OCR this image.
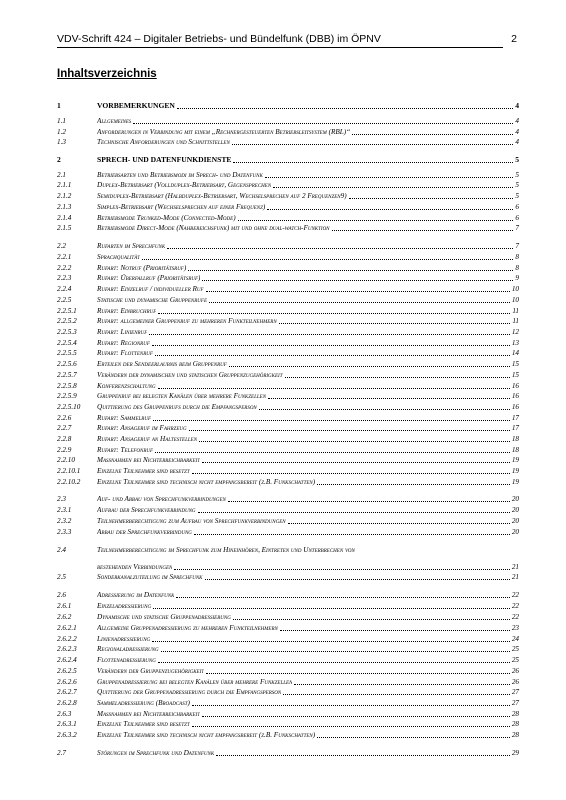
VDV-Schrift 424 – Digitaler Betriebs- und Bündelfunk (DBB) im ÖPNV	2
Inhaltsverzeichnis
1	VORBEMERKUNGEN	4
1.1	Allgemeines	4
1.2	Anforderungen in Verbindung mit einem „Rechnergesteuerten Betriebsleitsystem (RBL)“	4
1.3	Technische Anforderungen und Schnittstellen	4
2	SPRECH- UND DATENFUNKDIENSTE	5
2.1	Betriebsarten und Betriebsmodi im Sprech- und Datenfunk	5
2.1.1	Duplex-Betriebsart (Vollduplex-Betriebsart, Gegensprechen	5
2.1.2	Semiduplex-Betriebsart (Halbduplex-Betriebsart, Wechselsprechen auf 2 Frequenzen9)	5
2.1.3	Simplex-Betriebsart (Wechselsprechen auf einer Frequenz)	6
2.1.4	Betriebsmode Trunked-Mode (Connected-Mode)	6
2.1.5	Betriebsmode Direct-Mode (Nahbereichsfunk) mit und ohne dual-watch-Funktion	7
2.2	Rufarten im Sprechfunk	7
2.2.1	Sprachqualität	8
2.2.2	Rufart: Notruf (Prioritätsruf)	8
2.2.3	Rufart: Überfallruf (Prioritätsruf)	9
2.2.4	Rufart: Einzelruf / individueller Ruf	10
2.2.5	Statische und dynamische Gruppenrufe	10
2.2.5.1	Rufart: Einbruchruf	11
2.2.5.2	Rufart: allgemeiner Gruppenruf zu mehreren Funkteilnehmern	11
2.2.5.3	Rufart: Linienruf	12
2.2.5.4	Rufart: Regionruf	13
2.2.5.5	Rufart: Flottenruf	14
2.2.5.6	Erteilen der Sendeerlaubnis beim Gruppenruf	15
2.2.5.7	Verändern der dynamischen und statischen Gruppenzugehörigkeit	15
2.2.5.8	Konferenzschaltung	16
2.2.5.9	Gruppenruf bei belegten Kanälen über mehrere Funkzellen	16
2.2.5.10	Quittierung des Gruppenrufs durch die Empfangsperson	16
2.2.6	Rufart: Sammelruf	17
2.2.7	Rufart: Ansageruf im Fahrzeug	17
2.2.8	Rufart: Ansageruf an Haltestellen	18
2.2.9	Rufart: Telefonruf	18
2.2.10	Maßnahmen bei Nichterreichbarkeit	19
2.2.10.1	Einzelne Teilnehmer sind besetzt	19
2.2.10.2	Einzelne Teilnehmer sind technisch nicht empfangsbereit (z.B. Funkschatten)	19
2.3	Auf- und Abbau von Sprechfunkverbindungen	20
2.3.1	Aufbau der Sprechfunkverbindung	20
2.3.2	Teilnehmerberechtigung zum Aufbau von Sprechfunkverbindungen	20
2.3.3	Abbau der Sprechfunkverbindung	20
2.4	Teilnehmerberechtigung im Sprechfunk zum Hineinhören, Eintreten und Unterbrechen von
bestehenden Verbindungen	21
2.5	Sonderkanalzuteilung im Sprechfunk	21
2.6	Adressierung im Datenfunk	22
2.6.1	Einzeladressierung	22
2.6.2	Dynamische und statische Gruppenadressierung	22
2.6.2.1	Allgemeine Gruppenadressierung zu mehreren Funkteilnehmern	23
2.6.2.2	Linienadressierung	24
2.6.2.3	Regionaladressierung	25
2.6.2.4	Flottenadressierung	25
2.6.2.5	Verändern der Gruppenzugehörigkeit	26
2.6.2.6	Gruppenadressierung bei belegten Kanälen über mehrere Funkzellen	26
2.6.2.7	Quittierung der Gruppenadressierung durch die Empfangsperson	27
2.6.2.8	Sammeladressierung (Broadcast)	27
2.6.3	Maßnahmen bei Nichterreichbarkeit	28
2.6.3.1	Einzelne Teilnehmer sind besetzt	28
2.6.3.2	Einzelne Teilnehmer sind technisch nicht empfangsbereit (z.B. Funkschatten)	28
2.7	Störungen im Sprechfunk und Datenfunk	29
